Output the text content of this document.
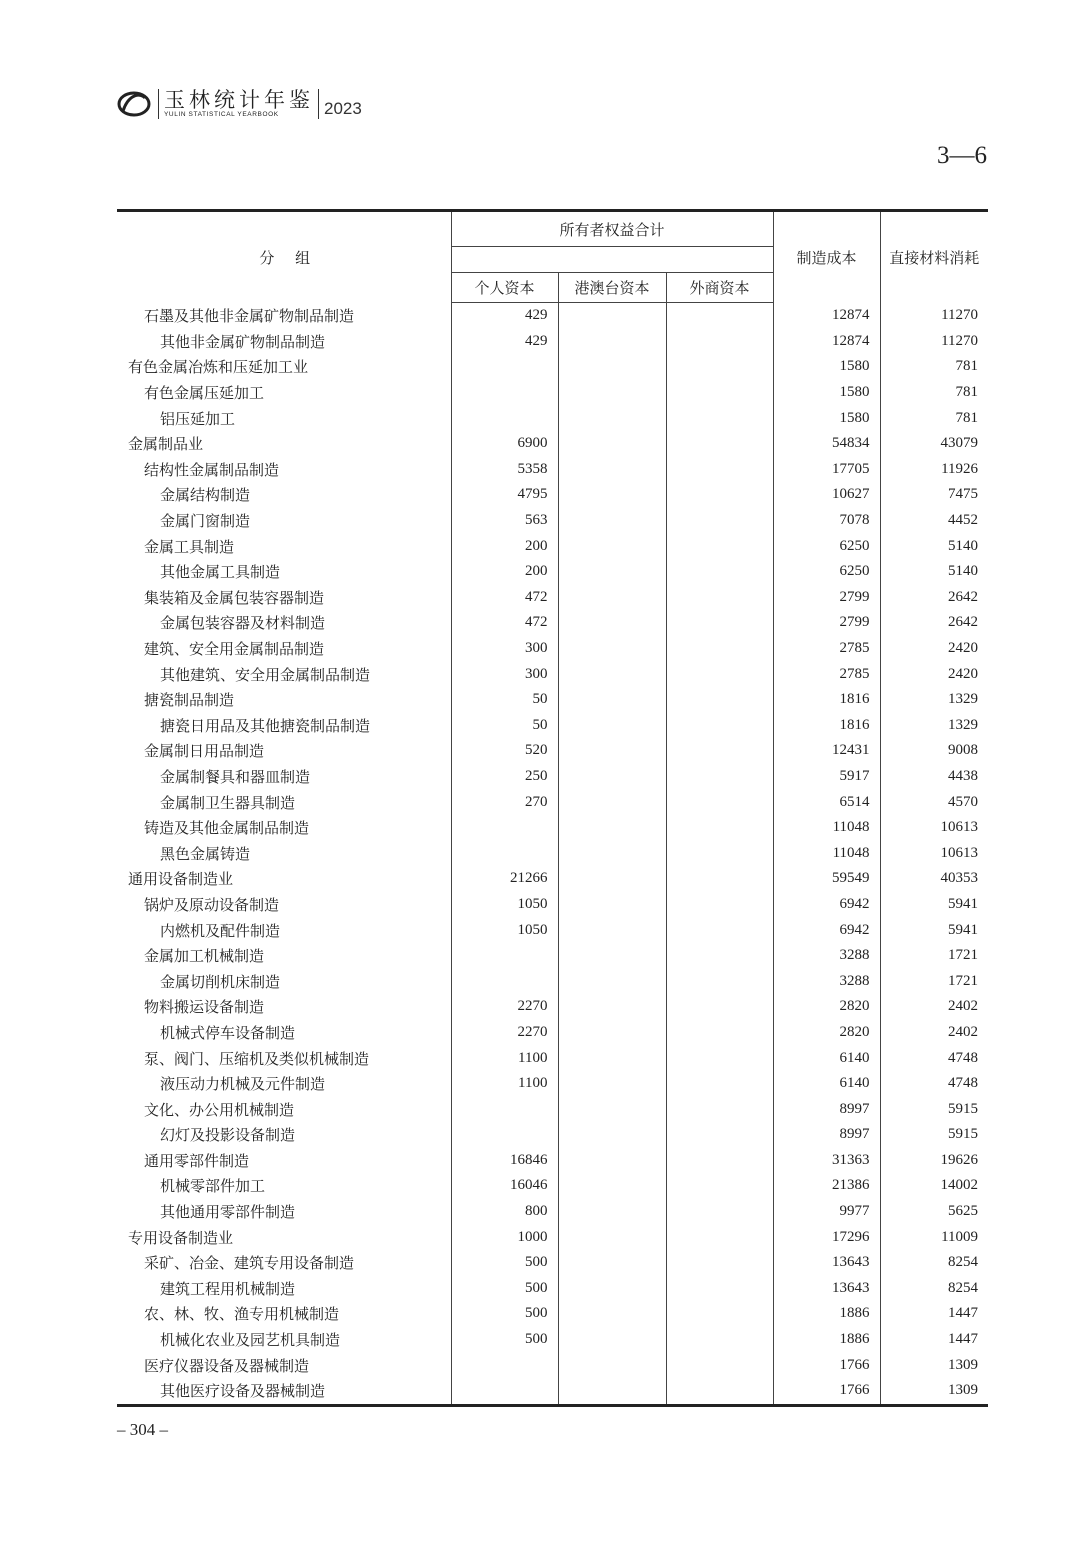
玉林统计年鉴
YULIN STATISTICAL YEARBOOK	2023
3—6
分 组	所有者权益合计			制造成本	直接材料消耗

	个人资本	港澳台资本	外商资本		
石墨及其他非金属矿物制品制造	429			12874	11270
其他非金属矿物制品制造	429			12874	11270
有色金属冶炼和压延加工业				1580	781
有色金属压延加工				1580	781
铝压延加工				1580	781
金属制品业	6900			54834	43079
结构性金属制品制造	5358			17705	11926
金属结构制造	4795			10627	7475
金属门窗制造	563			7078	4452
金属工具制造	200			6250	5140
其他金属工具制造	200			6250	5140
集装箱及金属包装容器制造	472			2799	2642
金属包装容器及材料制造	472			2799	2642
建筑、安全用金属制品制造	300			2785	2420
其他建筑、安全用金属制品制造	300			2785	2420
搪瓷制品制造	50			1816	1329
搪瓷日用品及其他搪瓷制品制造	50			1816	1329
金属制日用品制造	520			12431	9008
金属制餐具和器皿制造	250			5917	4438
金属制卫生器具制造	270			6514	4570
铸造及其他金属制品制造				11048	10613
黑色金属铸造				11048	10613
通用设备制造业	21266			59549	40353
锅炉及原动设备制造	1050			6942	5941
内燃机及配件制造	1050			6942	5941
金属加工机械制造				3288	1721
金属切削机床制造				3288	1721
物料搬运设备制造	2270			2820	2402
机械式停车设备制造	2270			2820	2402
泵、阀门、压缩机及类似机械制造	1100			6140	4748
液压动力机械及元件制造	1100			6140	4748
文化、办公用机械制造				8997	5915
幻灯及投影设备制造				8997	5915
通用零部件制造	16846			31363	19626
机械零部件加工	16046			21386	14002
其他通用零部件制造	800			9977	5625
专用设备制造业	1000			17296	11009
采矿、冶金、建筑专用设备制造	500			13643	8254
建筑工程用机械制造	500			13643	8254
农、林、牧、渔专用机械制造	500			1886	1447
机械化农业及园艺机具制造	500			1886	1447
医疗仪器设备及器械制造				1766	1309
其他医疗设备及器械制造				1766	1309
– 304 –
